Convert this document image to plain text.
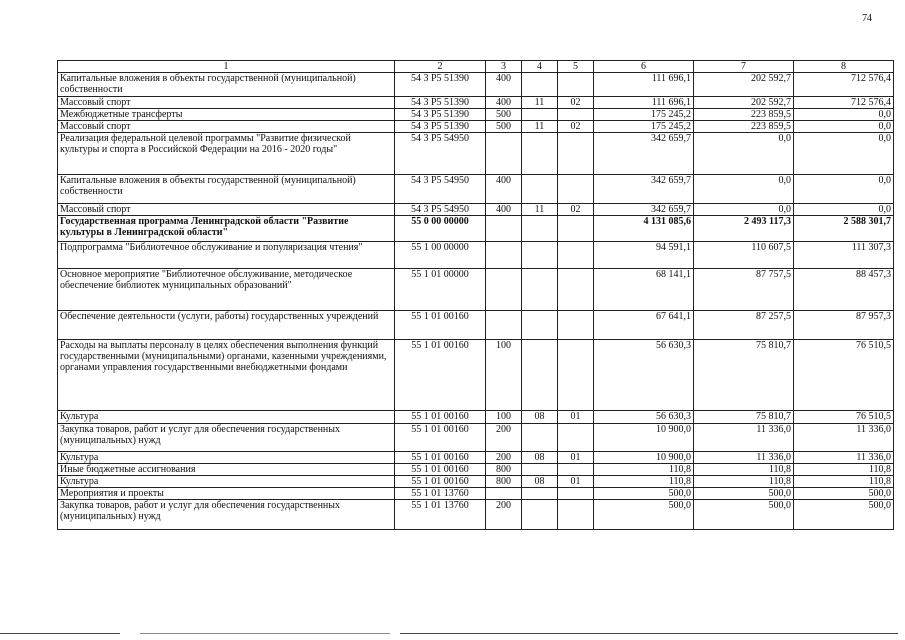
74
1	2	3	4	5	6	7	8
Капитальные вложения в объекты государственной (муниципальной) собственности	54 3 P5 51390	400			111 696,1	202 592,7	712 576,4
Массовый спорт	54 3 P5 51390	400	11	02	111 696,1	202 592,7	712 576,4
Межбюджетные трансферты	54 3 P5 51390	500			175 245,2	223 859,5	0,0
Массовый спорт	54 3 P5 51390	500	11	02	175 245,2	223 859,5	0,0
Реализация федеральной целевой программы "Развитие физической культуры и спорта в Российской Федерации на 2016 - 2020 годы"	54 3 P5 54950				342 659,7	0,0	0,0
Капитальные вложения в объекты государственной (муниципальной) собственности	54 3 P5 54950	400			342 659,7	0,0	0,0
Массовый спорт	54 3 P5 54950	400	11	02	342 659,7	0,0	0,0
Государственная программа Ленинградской области "Развитие культуры в Ленинградской области"	55 0 00 00000				4 131 085,6	2 493 117,3	2 588 301,7
Подпрограмма "Библиотечное обслуживание и популяризация чтения"	55 1 00 00000				94 591,1	110 607,5	111 307,3
Основное мероприятие "Библиотечное обслуживание, методическое обеспечение библиотек муниципальных образований"	55 1 01 00000				68 141,1	87 757,5	88 457,3
Обеспечение деятельности (услуги, работы) государственных учреждений	55 1 01 00160				67 641,1	87 257,5	87 957,3
Расходы на выплаты персоналу в целях обеспечения выполнения функций государственными (муниципальными) органами, казенными учреждениями, органами управления государственными внебюджетными фондами	55 1 01 00160	100			56 630,3	75 810,7	76 510,5
Культура	55 1 01 00160	100	08	01	56 630,3	75 810,7	76 510,5
Закупка товаров, работ и услуг для обеспечения государственных (муниципальных) нужд	55 1 01 00160	200			10 900,0	11 336,0	11 336,0
Культура	55 1 01 00160	200	08	01	10 900,0	11 336,0	11 336,0
Иные бюджетные ассигнования	55 1 01 00160	800			110,8	110,8	110,8
Культура	55 1 01 00160	800	08	01	110,8	110,8	110,8
Мероприятия и проекты	55 1 01 13760				500,0	500,0	500,0
Закупка товаров, работ и услуг для обеспечения государственных (муниципальных) нужд	55 1 01 13760	200			500,0	500,0	500,0
